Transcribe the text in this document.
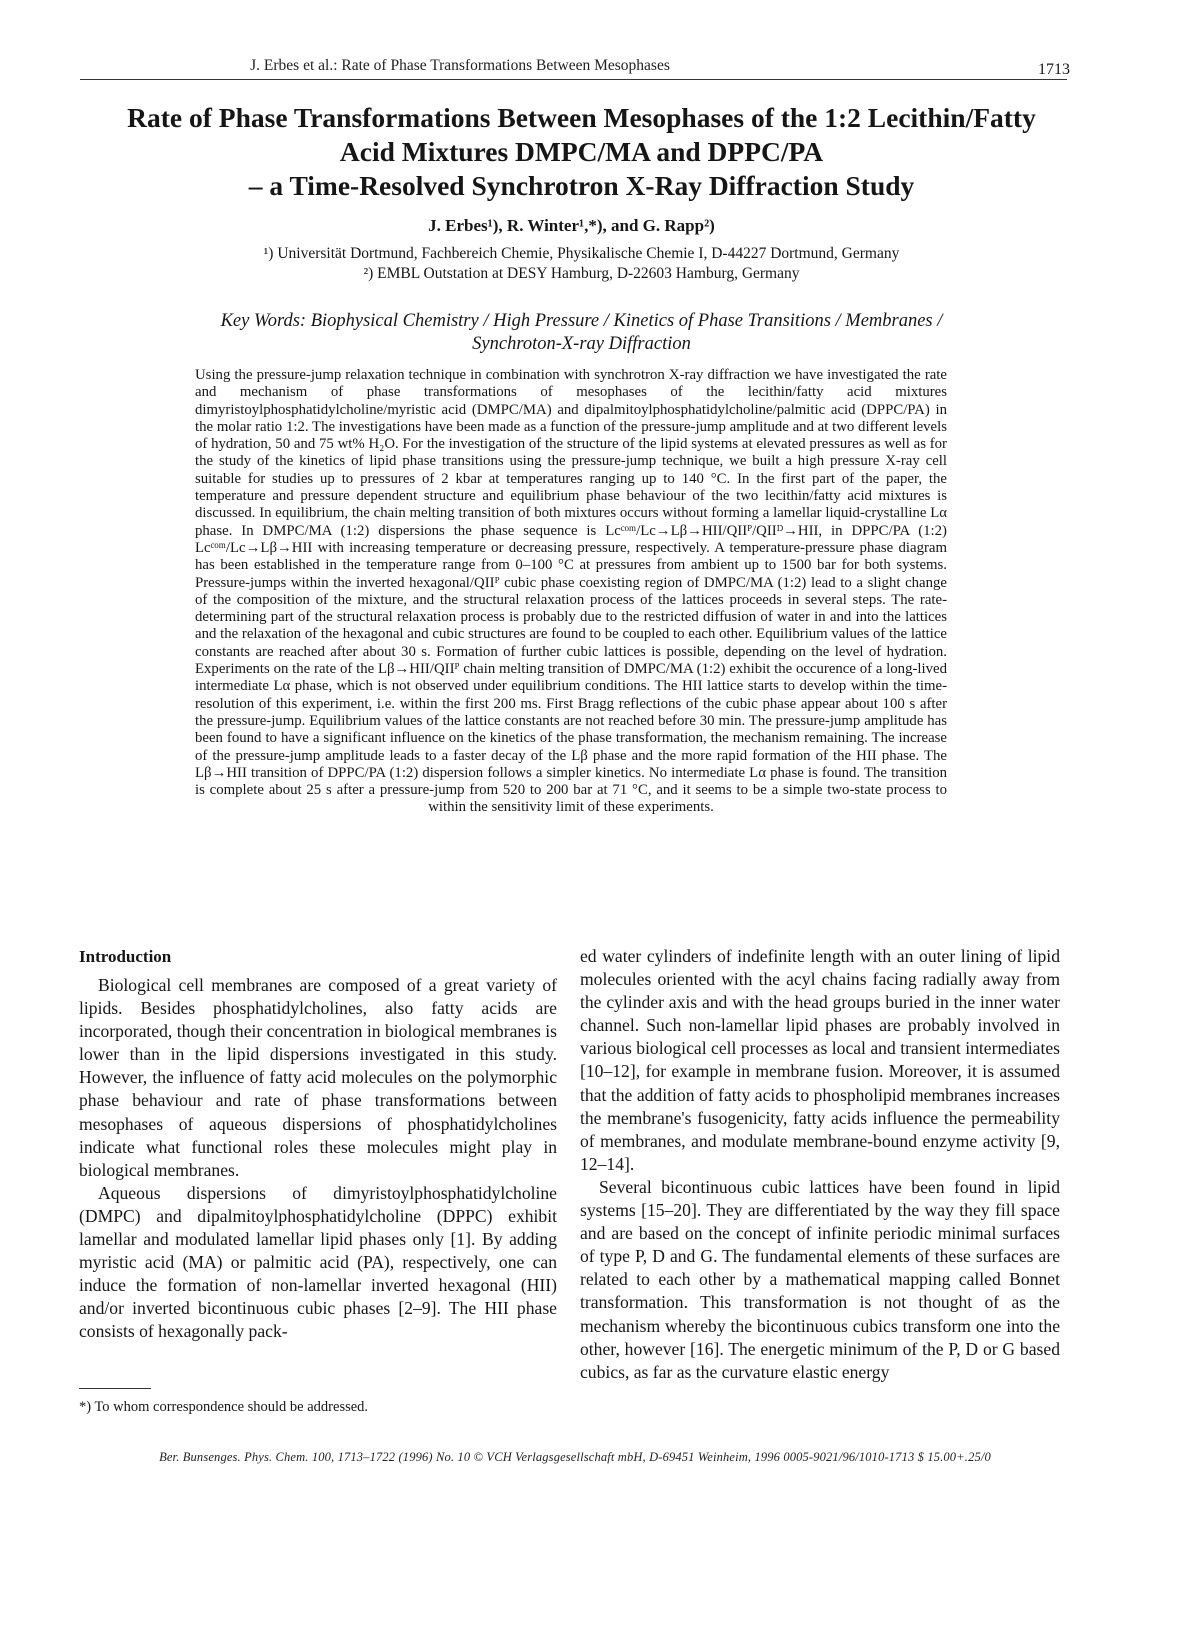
J. Erbes et al.: Rate of Phase Transformations Between Mesophases	1713
Rate of Phase Transformations Between Mesophases of the 1:2 Lecithin/Fatty
Acid Mixtures DMPC/MA and DPPC/PA
– a Time-Resolved Synchrotron X-Ray Diffraction Study
J. Erbes¹), R. Winter¹,*), and G. Rapp²)
¹) Universität Dortmund, Fachbereich Chemie, Physikalische Chemie I, D-44227 Dortmund, Germany
²) EMBL Outstation at DESY Hamburg, D-22603 Hamburg, Germany
Key Words: Biophysical Chemistry / High Pressure / Kinetics of Phase Transitions / Membranes /
Synchroton-X-ray Diffraction

Using the pressure-jump relaxation technique in combination with synchrotron X-ray diffraction we have investigated the rate and mechanism of phase transformations of mesophases of the lecithin/fatty acid mixtures dimyristoylphosphatidylcholine/myristic acid (DMPC/MA) and dipalmitoylphosphatidylcholine/palmitic acid (DPPC/PA) in the molar ratio 1:2. The investigations have been made as a function of the pressure-jump amplitude and at two different levels of hydration, 50 and 75 wt% H₂O. For the investigation of the structure of the lipid systems at elevated pressures as well as for the study of the kinetics of lipid phase transitions using the pressure-jump technique, we built a high pressure X-ray cell suitable for studies up to pressures of 2 kbar at temperatures ranging up to 140 °C. In the first part of the paper, the temperature and pressure dependent structure and equilibrium phase behaviour of the two lecithin/fatty acid mixtures is discussed. In equilibrium, the chain melting transition of both mixtures occurs without forming a lamellar liquid-crystalline Lα phase. In DMPC/MA (1:2) dispersions the phase sequence is Lcᶜᵒᵐ/Lc→Lβ→HII/QIIᴾ/QIIᴰ→HII, in DPPC/PA (1:2) Lcᶜᵒᵐ/Lc→Lβ→HII with increasing temperature or decreasing pressure, respectively. A temperature-pressure phase diagram has been established in the temperature range from 0–100 °C at pressures from ambient up to 1500 bar for both systems. Pressure-jumps within the inverted hexagonal/QIIᴾ cubic phase coexisting region of DMPC/MA (1:2) lead to a slight change of the composition of the mixture, and the structural relaxation process of the lattices proceeds in several steps. The rate-determining part of the structural relaxation process is probably due to the restricted diffusion of water in and into the lattices and the relaxation of the hexagonal and cubic structures are found to be coupled to each other. Equilibrium values of the lattice constants are reached after about 30 s. Formation of further cubic lattices is possible, depending on the level of hydration. Experiments on the rate of the Lβ→HII/QIIᴾ chain melting transition of DMPC/MA (1:2) exhibit the occurence of a long-lived intermediate Lα phase, which is not observed under equilibrium conditions. The HII lattice starts to develop within the time-resolution of this experiment, i.e. within the first 200 ms. First Bragg reflections of the cubic phase appear about 100 s after the pressure-jump. Equilibrium values of the lattice constants are not reached before 30 min. The pressure-jump amplitude has been found to have a significant influence on the kinetics of the phase transformation, the mechanism remaining. The increase of the pressure-jump amplitude leads to a faster decay of the Lβ phase and the more rapid formation of the HII phase. The Lβ→HII transition of DPPC/PA (1:2) dispersion follows a simpler kinetics. No intermediate Lα phase is found. The transition is complete about 25 s after a pressure-jump from 520 to 200 bar at 71 °C, and it seems to be a simple two-state process to within the sensitivity limit of these experiments.

Introduction

Biological cell membranes are composed of a great variety of lipids. Besides phosphatidylcholines, also fatty acids are incorporated, though their concentration in biological membranes is lower than in the lipid dispersions investigated in this study. However, the influence of fatty acid molecules on the polymorphic phase behaviour and rate of phase transformations between mesophases of aqueous dispersions of phosphatidylcholines indicate what functional roles these molecules might play in biological membranes.

Aqueous dispersions of dimyristoylphosphatidylcholine (DMPC) and dipalmitoylphosphatidylcholine (DPPC) exhibit lamellar and modulated lamellar lipid phases only [1]. By adding myristic acid (MA) or palmitic acid (PA), respectively, one can induce the formation of non-lamellar inverted hexagonal (HII) and/or inverted bicontinuous cubic phases [2–9]. The HII phase consists of hexagonally pack-

ed water cylinders of indefinite length with an outer lining of lipid molecules oriented with the acyl chains facing radially away from the cylinder axis and with the head groups buried in the inner water channel. Such non-lamellar lipid phases are probably involved in various biological cell processes as local and transient intermediates [10–12], for example in membrane fusion. Moreover, it is assumed that the addition of fatty acids to phospholipid membranes increases the membrane's fusogenicity, fatty acids influence the permeability of membranes, and modulate membrane-bound enzyme activity [9, 12–14].

Several bicontinuous cubic lattices have been found in lipid systems [15–20]. They are differentiated by the way they fill space and are based on the concept of infinite periodic minimal surfaces of type P, D and G. The fundamental elements of these surfaces are related to each other by a mathematical mapping called Bonnet transformation. This transformation is not thought of as the mechanism whereby the bicontinuous cubics transform one into the other, however [16]. The energetic minimum of the P, D or G based cubics, as far as the curvature elastic energy

*) To whom correspondence should be addressed.
Ber. Bunsenges. Phys. Chem. 100, 1713–1722 (1996) No. 10 © VCH Verlagsgesellschaft mbH, D-69451 Weinheim, 1996 0005-9021/96/1010-1713 $ 15.00+.25/0
